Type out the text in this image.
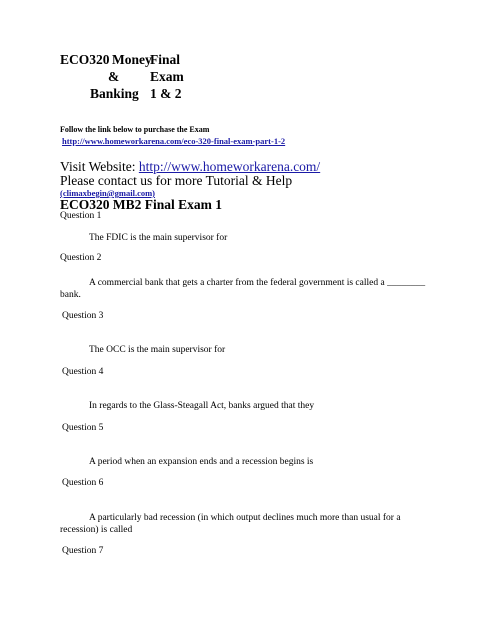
ECO320 Money
Final
& Exam
Banking 1 & 2
Follow the link below to purchase the Exam
http://www.homeworkarena.com/eco-320-final-exam-part-1-2
Visit Website: http://www.homeworkarena.com/
Please contact us for more Tutorial & Help
(climaxbegin@gmail.com)
ECO320 MB2 Final Exam 1
Question 1
The FDIC is the main supervisor for
Question 2
A commercial bank that gets a charter from the federal government is called a ________
bank.
Question 3
The OCC is the main supervisor for
Question 4
In regards to the Glass-Steagall Act, banks argued that they
Question 5
A period when an expansion ends and a recession begins is
Question 6
A particularly bad recession (in which output declines much more than usual for a
recession) is called
Question 7
